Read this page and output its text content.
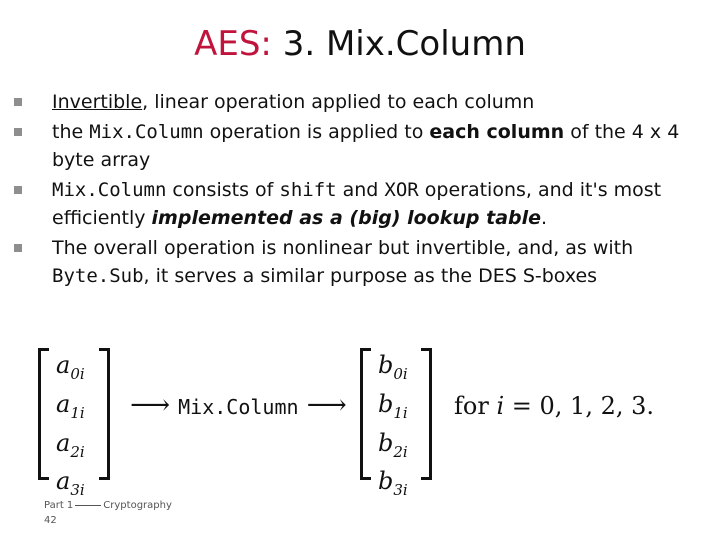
AES: 3. Mix.Column
Invertible, linear operation applied to each column
the Mix.Column operation is applied to each column of the 4 x 4 byte array
Mix.Column consists of shift and XOR operations, and it's most efficiently implemented as a (big) lookup table.
The overall operation is nonlinear but invertible, and, as with Byte.Sub, it serves a similar purpose as the DES S-boxes
$a_{0i}$
$a_{1i}$
$a_{2i}$
$a_{3i}$
⟶ Mix.Column ⟶
$b_{0i}$
$b_{1i}$
$b_{2i}$
$b_{3i}$
for i = 0, 1, 2, 3.
Part 1	Cryptography
42
